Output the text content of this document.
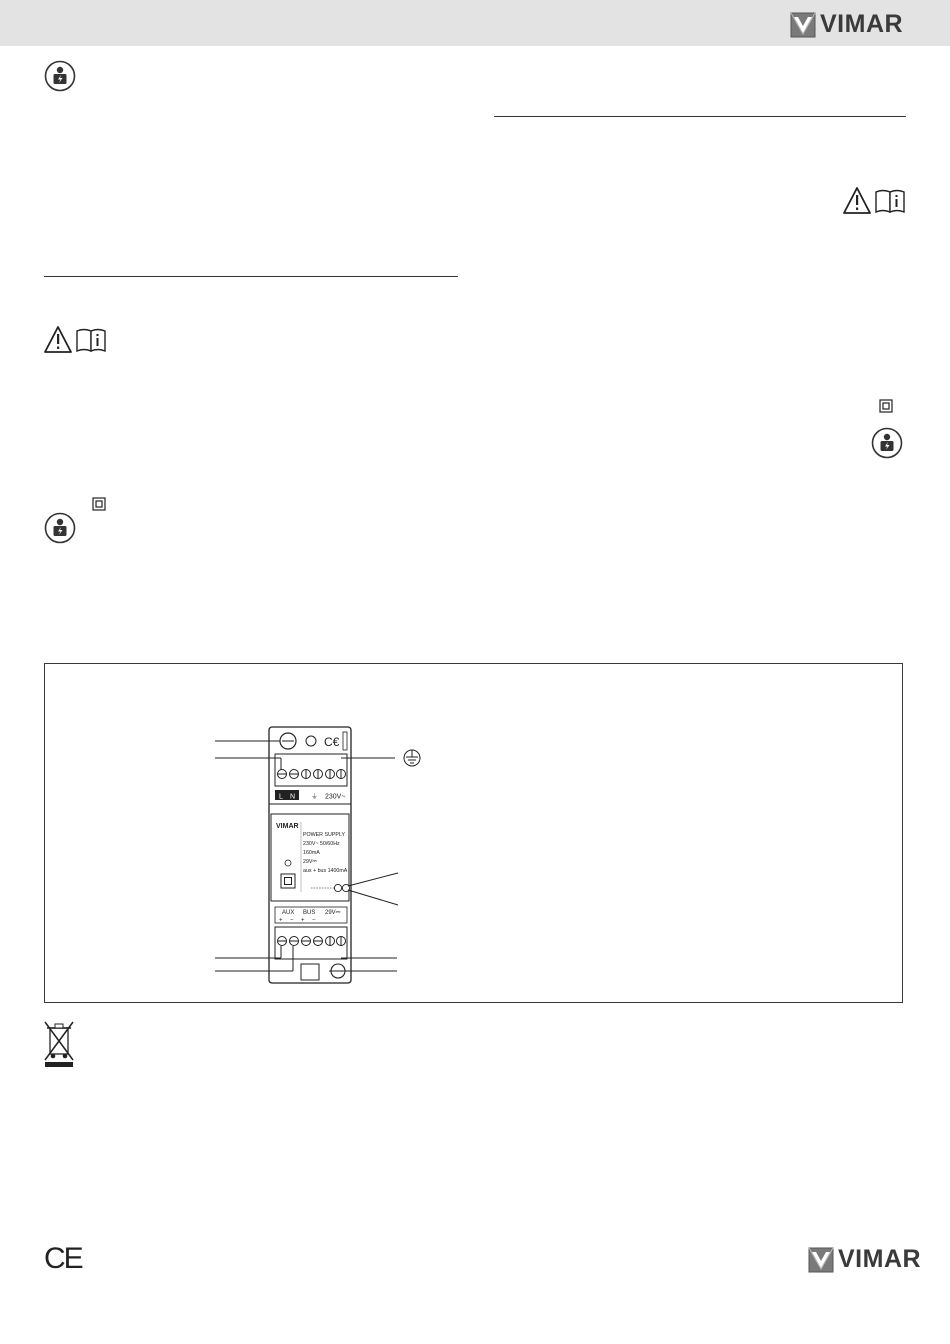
VIMAR
C€
L N ⏚ 230V~
VIMAR
POWER SUPPLY
230V~ 50/60Hz
160mA
29V⎓
aux + bus 1400mA
AUX BUS 29V⎓
+ − + −
CE	VIMAR
